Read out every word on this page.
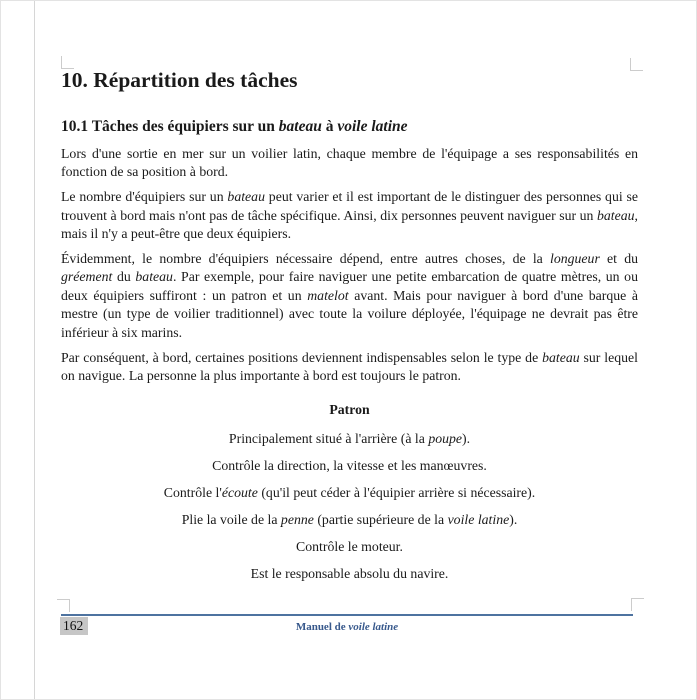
10. Répartition des tâches
10.1 Tâches des équipiers sur un bateau à voile latine

Lors d'une sortie en mer sur un voilier latin, chaque membre de l'équipage a ses responsabilités en fonction de sa position à bord.

Le nombre d'équipiers sur un bateau peut varier et il est important de le distinguer des personnes qui se trouvent à bord mais n'ont pas de tâche spécifique. Ainsi, dix personnes peuvent naviguer sur un bateau, mais il n'y a peut-être que deux équipiers.

Évidemment, le nombre d'équipiers nécessaire dépend, entre autres choses, de la longueur et du gréement du bateau. Par exemple, pour faire naviguer une petite embarcation de quatre mètres, un ou deux équipiers suffiront : un patron et un matelot avant. Mais pour naviguer à bord d'une barque à mestre (un type de voilier traditionnel) avec toute la voilure déployée, l'équipage ne devrait pas être inférieur à six marins.

Par conséquent, à bord, certaines positions deviennent indispensables selon le type de bateau sur lequel on navigue. La personne la plus importante à bord est toujours le patron.

Patron
Principalement situé à l'arrière (à la poupe).
Contrôle la direction, la vitesse et les manœuvres.
Contrôle l'écoute (qu'il peut céder à l'équipier arrière si nécessaire).
Plie la voile de la penne (partie supérieure de la voile latine).
Contrôle le moteur.
Est le responsable absolu du navire.
162	Manuel de voile latine
